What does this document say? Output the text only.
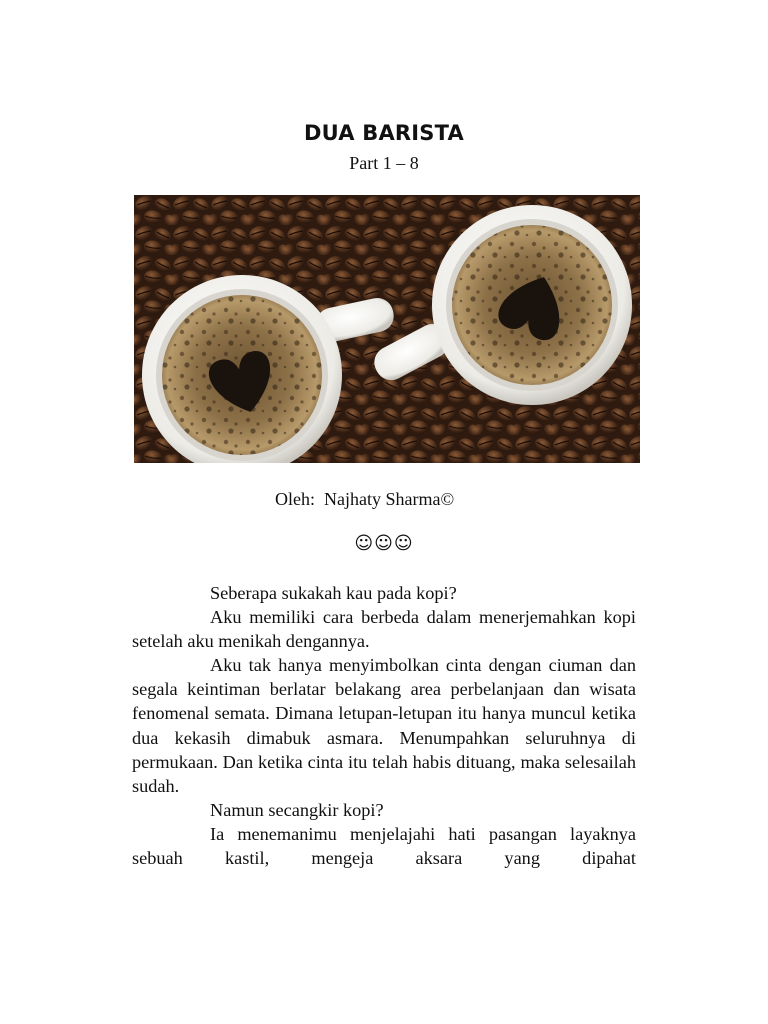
DUA BARISTA
Part 1 – 8
Oleh:  Najhaty Sharma©
☺☺☺

Seberapa sukakah kau pada kopi?

Aku memiliki cara berbeda dalam menerjemahkan kopi setelah aku menikah dengannya.

Aku tak hanya menyimbolkan cinta dengan ciuman dan segala keintiman berlatar belakang area perbelanjaan dan wisata fenomenal semata. Dimana letupan-letupan itu hanya muncul ketika dua kekasih dimabuk asmara. Menumpahkan seluruhnya di permukaan. Dan ketika cinta itu telah habis dituang, maka selesailah sudah.

Namun secangkir kopi?

Ia menemanimu menjelajahi hati pasangan layaknya sebuah kastil, mengeja aksara yang dipahat
